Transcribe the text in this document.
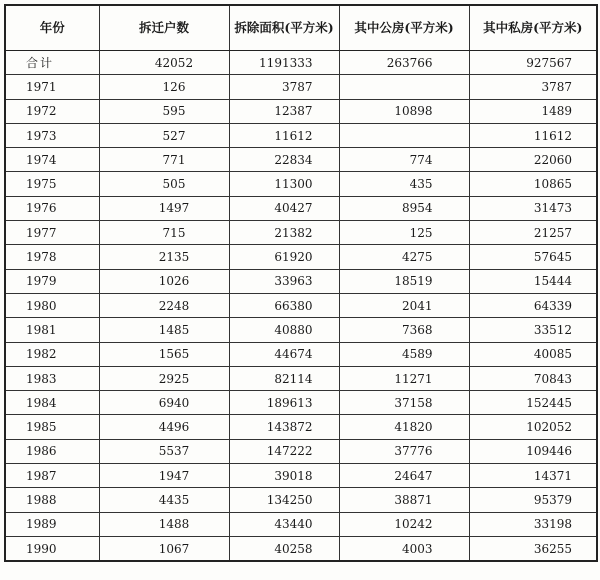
年份	拆迁户数	拆除面积(平方米)	其中公房(平方米)	其中私房(平方米)
合计	42052	1191333	263766	927567
1971	126	3787		3787
1972	595	12387	10898	1489
1973	527	11612		11612
1974	771	22834	774	22060
1975	505	11300	435	10865
1976	1497	40427	8954	31473
1977	715	21382	125	21257
1978	2135	61920	4275	57645
1979	1026	33963	18519	15444
1980	2248	66380	2041	64339
1981	1485	40880	7368	33512
1982	1565	44674	4589	40085
1983	2925	82114	11271	70843
1984	6940	189613	37158	152445
1985	4496	143872	41820	102052
1986	5537	147222	37776	109446
1987	1947	39018	24647	14371
1988	4435	134250	38871	95379
1989	1488	43440	10242	33198
1990	1067	40258	4003	36255
